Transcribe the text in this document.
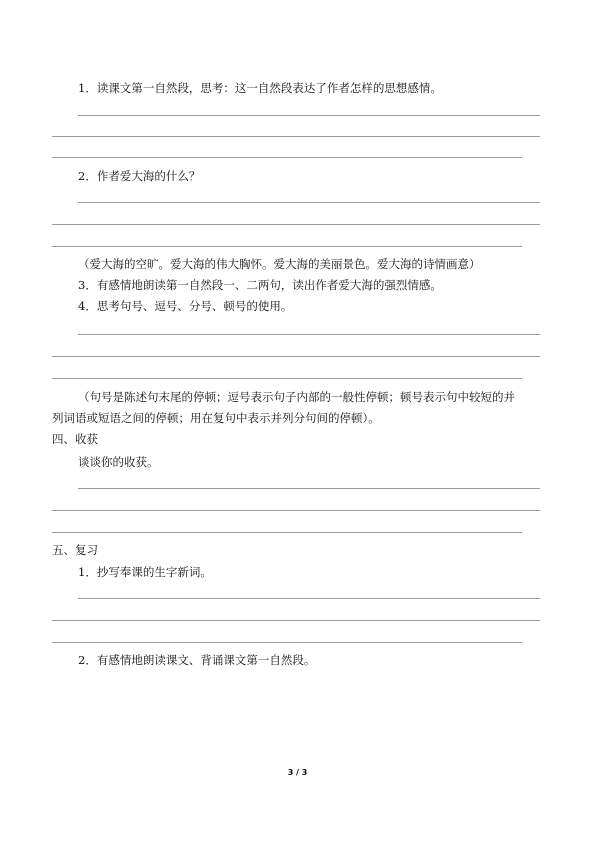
1．读课文第一自然段，思考：这一自然段表达了作者怎样的思想感情。
2．作者爱大海的什么？
（爱大海的空旷。爱大海的伟大胸怀。爱大海的美丽景色。爱大海的诗情画意）
3．有感情地朗读第一自然段一、二两句，读出作者爱大海的强烈情感。
4．思考句号、逗号、分号、顿号的使用。
（句号是陈述句末尾的停顿；逗号表示句子内部的一般性停顿；顿号表示句中较短的并
列词语或短语之间的停顿；用在复句中表示并列分句间的停顿）。
四、收获
谈谈你的收获。
五、复习
1．抄写奉课的生字新词。
2．有感情地朗读课文、背诵课文第一自然段。
3 / 3
